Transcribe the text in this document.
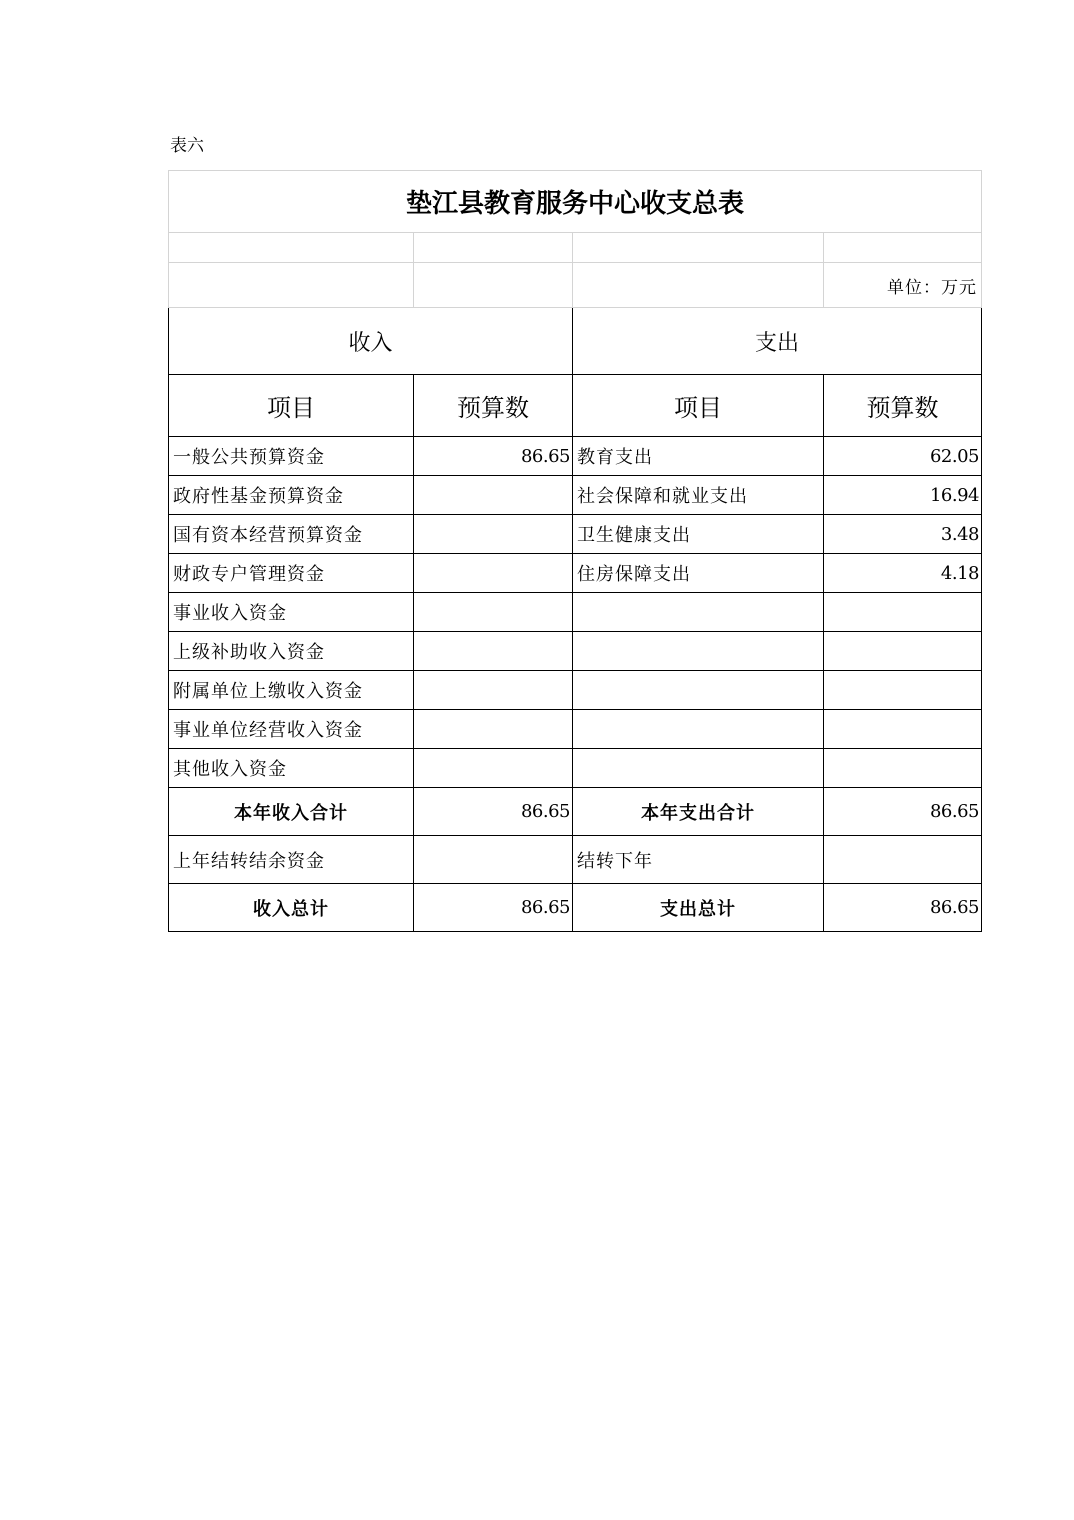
表六
垫江县教育服务中心收支总表			

			单位：万元
收入		支出	
项目	预算数	项目	预算数
一般公共预算资金	86.65	教育支出	62.05
政府性基金预算资金		社会保障和就业支出	16.94
国有资本经营预算资金		卫生健康支出	3.48
财政专户管理资金		住房保障支出	4.18
事业收入资金			
上级补助收入资金			
附属单位上缴收入资金			
事业单位经营收入资金			
其他收入资金			
本年收入合计	86.65	本年支出合计	86.65
上年结转结余资金		结转下年	
收入总计	86.65	支出总计	86.65
